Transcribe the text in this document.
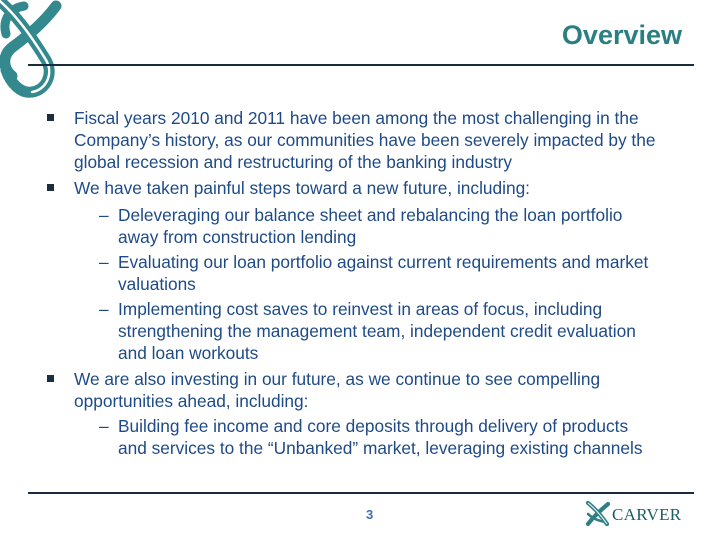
Overview
Fiscal years 2010 and 2011 have been among the most challenging in the
Company’s history, as our communities have been severely impacted by the
global recession and restructuring of the banking industry
We have taken painful steps toward a new future, including:
– Deleveraging our balance sheet and rebalancing the loan portfolio
away from construction lending
– Evaluating our loan portfolio against current requirements and market
valuations
– Implementing cost saves to reinvest in areas of focus, including
strengthening the management team, independent credit evaluation
and loan workouts
We are also investing in our future, as we continue to see compelling
opportunities ahead, including:
– Building fee income and core deposits through delivery of products
and services to the “Unbanked” market, leveraging existing channels
3	CARVER
